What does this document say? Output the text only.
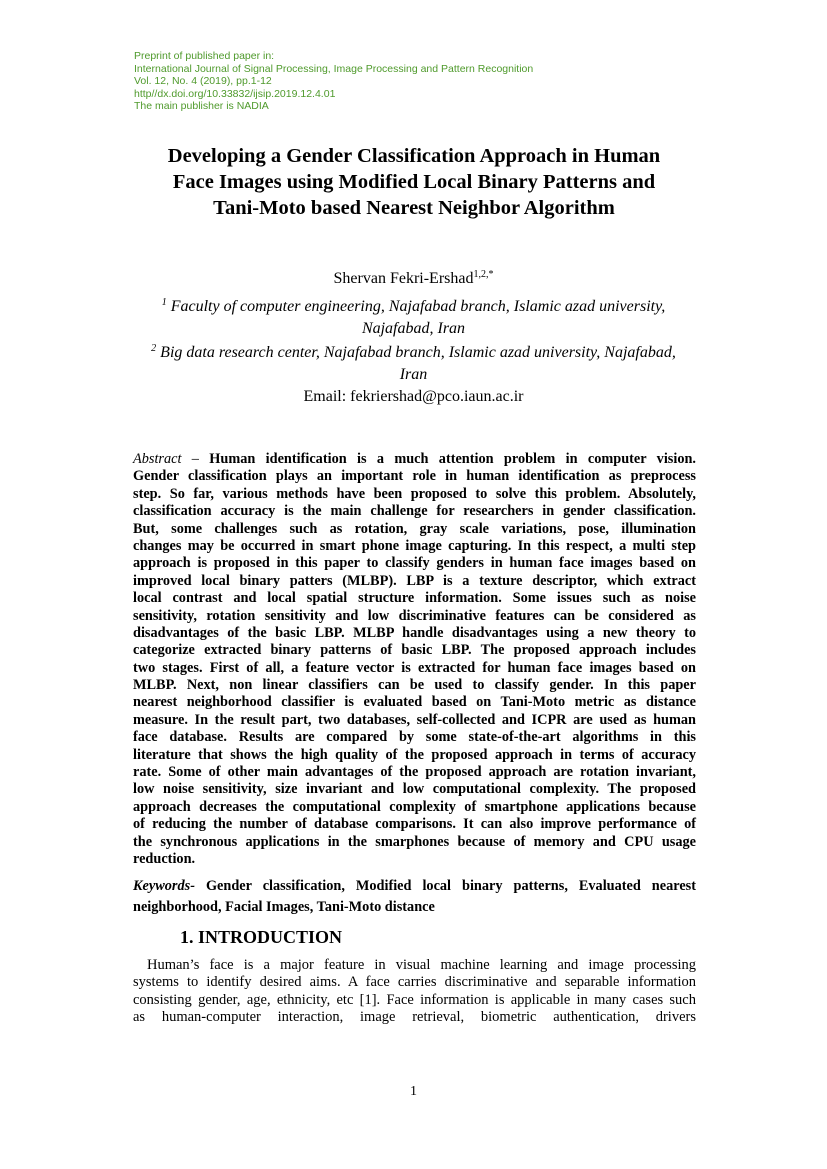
Preprint of published paper in:
International Journal of Signal Processing, Image Processing and Pattern Recognition
Vol. 12, No. 4 (2019), pp.1-12
http//dx.doi.org/10.33832/ijsip.2019.12.4.01
The main publisher is NADIA
Developing a Gender Classification Approach in Human
Face Images using Modified Local Binary Patterns and
Tani-Moto based Nearest Neighbor Algorithm
Shervan Fekri-Ershad$^{1,2,*}$
$^1$ Faculty of computer engineering, Najafabad branch, Islamic azad university,
Najafabad, Iran
$^2$ Big data research center, Najafabad branch, Islamic azad university, Najafabad,
Iran
Email: fekriershad@pco.iaun.ac.ir
Abstract – Human identification is a much attention problem in computer vision.
Gender classification plays an important role in human identification as preprocess
step. So far, various methods have been proposed to solve this problem. Absolutely,
classification accuracy is the main challenge for researchers in gender classification.
But, some challenges such as rotation, gray scale variations, pose, illumination
changes may be occurred in smart phone image capturing. In this respect, a multi step
approach is proposed in this paper to classify genders in human face images based on
improved local binary patters (MLBP). LBP is a texture descriptor, which extract
local contrast and local spatial structure information. Some issues such as noise
sensitivity, rotation sensitivity and low discriminative features can be considered as
disadvantages of the basic LBP. MLBP handle disadvantages using a new theory to
categorize extracted binary patterns of basic LBP. The proposed approach includes
two stages. First of all, a feature vector is extracted for human face images based on
MLBP. Next, non linear classifiers can be used to classify gender. In this paper
nearest neighborhood classifier is evaluated based on Tani-Moto metric as distance
measure. In the result part, two databases, self-collected and ICPR are used as human
face database. Results are compared by some state-of-the-art algorithms in this
literature that shows the high quality of the proposed approach in terms of accuracy
rate. Some of other main advantages of the proposed approach are rotation invariant,
low noise sensitivity, size invariant and low computational complexity. The proposed
approach decreases the computational complexity of smartphone applications because
of reducing the number of database comparisons. It can also improve performance of
the synchronous applications in the smarphones because of memory and CPU usage
reduction.
Keywords- Gender classification, Modified local binary patterns, Evaluated nearest
neighborhood, Facial Images, Tani-Moto distance
1. INTRODUCTION
Human’s face is a major feature in visual machine learning and image processing
systems to identify desired aims. A face carries discriminative and separable information
consisting gender, age, ethnicity, etc [1]. Face information is applicable in many cases such
as human-computer interaction, image retrieval, biometric authentication, drivers
1
